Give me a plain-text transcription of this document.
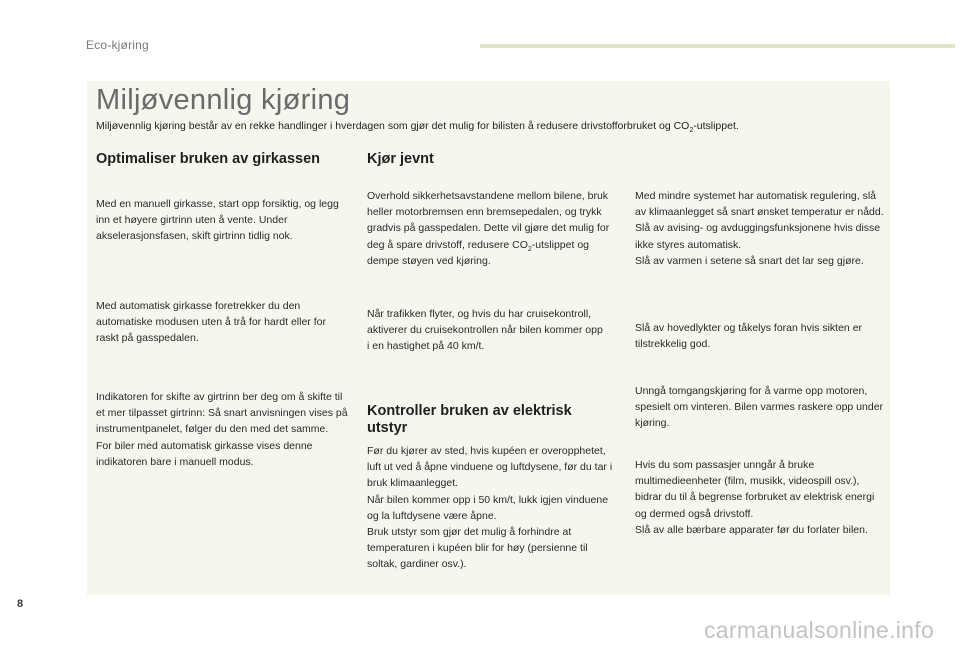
Eco-kjøring
Miljøvennlig kjøring

Miljøvennlig kjøring består av en rekke handlinger i hverdagen som gjør det mulig for bilisten å redusere drivstofforbruket og $CO_2$-utslippet.

Optimaliser bruken av girkassen

Med en manuell girkasse, start opp forsiktig, og legg inn et høyere girtrinn uten å vente. Under akselerasjonsfasen, skift girtrinn tidlig nok.

Med automatisk girkasse foretrekker du den automatiske modusen uten å trå for hardt eller for raskt på gasspedalen.

Indikatoren for skifte av girtrinn ber deg om å skifte til et mer tilpasset girtrinn: Så snart anvisningen vises på instrumentpanelet, følger du den med det samme.
For biler med automatisk girkasse vises denne indikatoren bare i manuell modus.

Kjør jevnt

Overhold sikkerhetsavstandene mellom bilene, bruk heller motorbremsen enn bremsepedalen, og trykk gradvis på gasspedalen. Dette vil gjøre det mulig for deg å spare drivstoff, redusere $CO_2$-utslippet og dempe støyen ved kjøring.

Når trafikken flyter, og hvis du har cruisekontroll, aktiverer du cruisekontrollen når bilen kommer opp i en hastighet på 40 km/t.

Kontroller bruken av elektrisk utstyr

Før du kjører av sted, hvis kupéen er overopphetet, luft ut ved å åpne vinduene og luftdysene, før du tar i bruk klimaanlegget.
Når bilen kommer opp i 50 km/t, lukk igjen vinduene og la luftdysene være åpne.
Bruk utstyr som gjør det mulig å forhindre at temperaturen i kupéen blir for høy (persienne til soltak, gardiner osv.).

Med mindre systemet har automatisk regulering, slå av klimaanlegget så snart ønsket temperatur er nådd.
Slå av avising- og avduggingsfunksjonene hvis disse ikke styres automatisk.
Slå av varmen i setene så snart det lar seg gjøre.

Slå av hovedlykter og tåkelys foran hvis sikten er tilstrekkelig god.

Unngå tomgangskjøring for å varme opp motoren, spesielt om vinteren. Bilen varmes raskere opp under kjøring.

Hvis du som passasjer unngår å bruke multimedieenheter (film, musikk, videospill osv.), bidrar du til å begrense forbruket av elektrisk energi og dermed også drivstoff.
Slå av alle bærbare apparater før du forlater bilen.

8
carmanualsonline.info
